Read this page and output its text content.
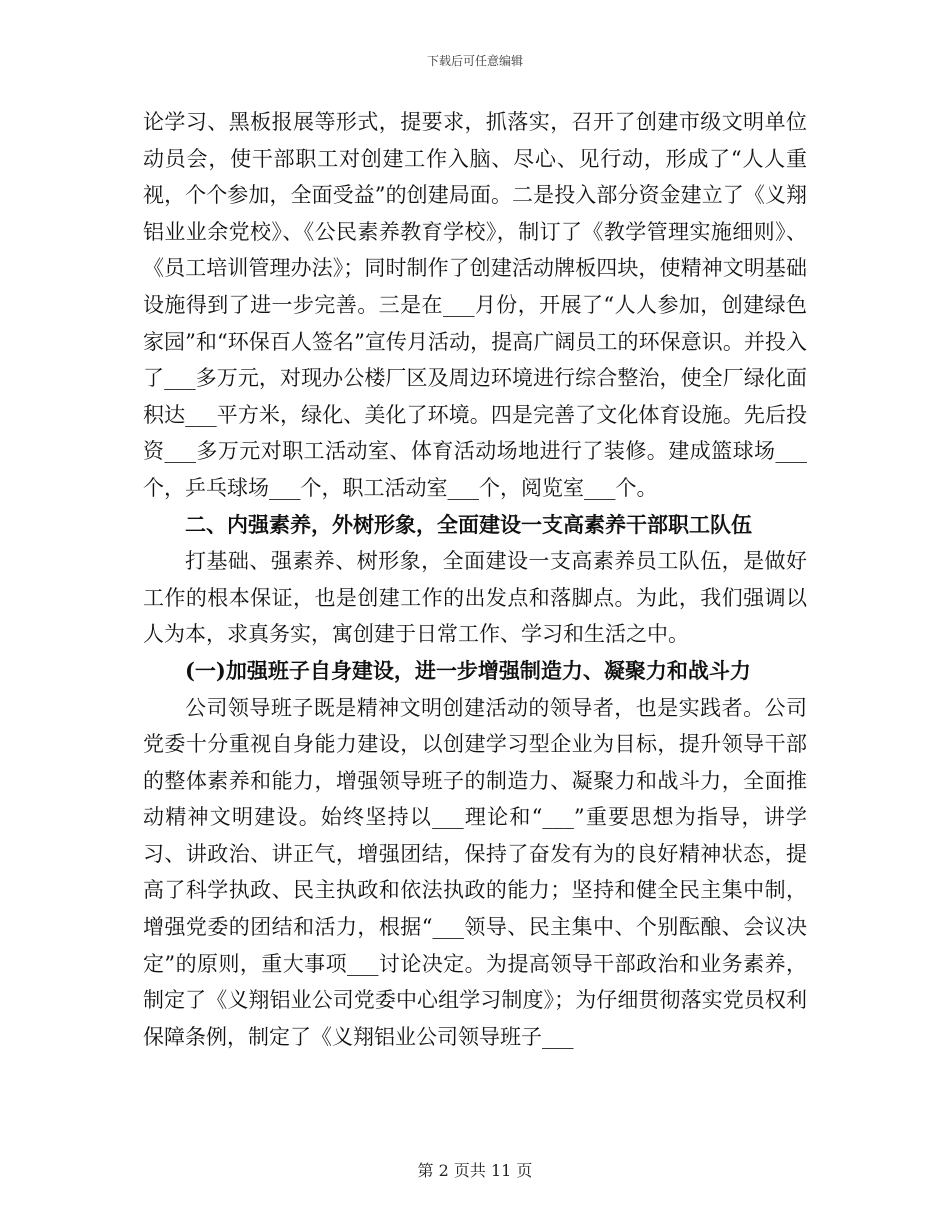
下载后可任意编辑

论学习、黑板报展等形式，提要求，抓落实，召开了创建市级文明单位动员会，使干部职工对创建工作入脑、尽心、见行动，形成了“人人重视，个个参加，全面受益”的创建局面。二是投入部分资金建立了《义翔铝业业余党校》、《公民素养教育学校》，制订了《教学管理实施细则》、《员工培训管理办法》；同时制作了创建活动牌板四块，使精神文明基础设施得到了进一步完善。三是在___月份，开展了“人人参加，创建绿色家园”和“环保百人签名”宣传月活动，提高广阔员工的环保意识。并投入了___多万元，对现办公楼厂区及周边环境进行综合整治，使全厂绿化面积达___平方米，绿化、美化了环境。四是完善了文化体育设施。先后投资___多万元对职工活动室、体育活动场地进行了装修。建成篮球场___个，乒乓球场___个，职工活动室___个，阅览室___个。

二、内强素养，外树形象，全面建设一支高素养干部职工队伍

打基础、强素养、树形象，全面建设一支高素养员工队伍，是做好工作的根本保证，也是创建工作的出发点和落脚点。为此，我们强调以人为本，求真务实，寓创建于日常工作、学习和生活之中。

(一)加强班子自身建设，进一步增强制造力、凝聚力和战斗力

公司领导班子既是精神文明创建活动的领导者，也是实践者。公司党委十分重视自身能力建设，以创建学习型企业为目标，提升领导干部的整体素养和能力，增强领导班子的制造力、凝聚力和战斗力，全面推动精神文明建设。始终坚持以___理论和“___”重要思想为指导，讲学习、讲政治、讲正气，增强团结，保持了奋发有为的良好精神状态，提高了科学执政、民主执政和依法执政的能力；坚持和健全民主集中制，增强党委的团结和活力，根据“___领导、民主集中、个别酝酿、会议决定”的原则，重大事项___讨论决定。为提高领导干部政治和业务素养，制定了《义翔铝业公司党委中心组学习制度》；为仔细贯彻落实党员权利保障条例，制定了《义翔铝业公司领导班子___

第 2 页共 11 页
